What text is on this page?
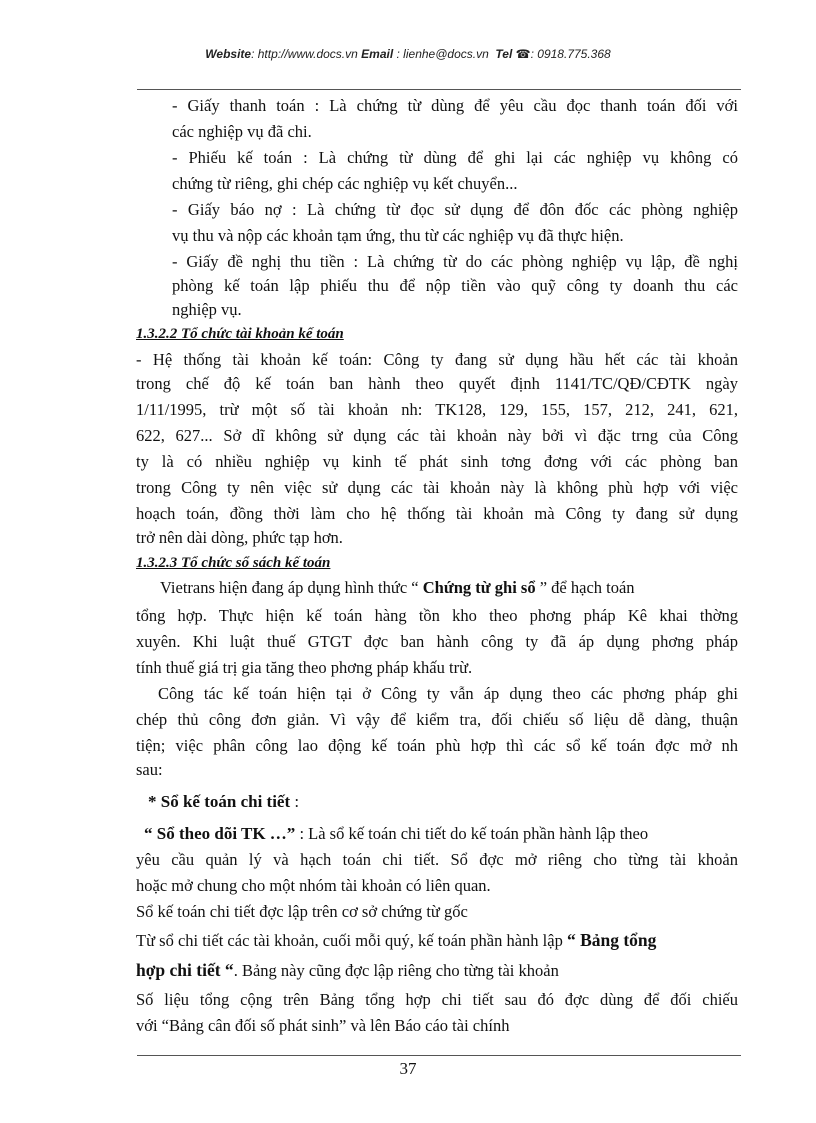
Website: http://www.docs.vn Email : lienhe@docs.vn Tel ☎: 0918.775.368
- Giấy thanh toán : Là chứng từ dùng để yêu cầu đọc thanh toán đối với
các nghiệp vụ đã chi.
- Phiếu kế toán : Là chứng từ dùng để ghi lại các nghiệp vụ không có
chứng từ riêng, ghi chép các nghiệp vụ kết chuyển...
- Giấy báo nợ : Là chứng từ đọc sử dụng để đôn đốc các phòng nghiệp
vụ thu và nộp các khoản tạm ứng, thu từ các nghiệp vụ đã thực hiện.
- Giấy đề nghị thu tiền : Là chứng từ do các phòng nghiệp vụ lập, đề nghị
phòng kế toán lập phiếu thu để nộp tiền vào quỹ công ty doanh thu các
nghiệp vụ.
1.3.2.2 Tổ chức tài khoản kế toán
- Hệ thống tài khoản kế toán: Công ty đang sử dụng hầu hết các tài khoản
trong chế độ kế toán ban hành theo quyết định 1141/TC/QĐ/CĐTK ngày
1/11/1995, trừ một số tài khoản nh: TK128, 129, 155, 157, 212, 241, 621,
622, 627... Sở dĩ không sử dụng các tài khoản này bởi vì đặc trng của Công
ty là có nhiều nghiệp vụ kinh tế phát sinh tơng đơng với các phòng ban
trong Công ty nên việc sử dụng các tài khoản này là không phù hợp với việc
hoạch toán, đồng thời làm cho hệ thống tài khoản mà Công ty đang sử dụng
trở nên dài dòng, phức tạp hơn.
1.3.2.3 Tổ chức sổ sách kế toán
Vietrans hiện đang áp dụng hình thức “ Chứng từ ghi sổ ” để hạch toán
tổng hợp. Thực hiện kế toán hàng tồn kho theo phơng pháp Kê khai thờng
xuyên. Khi luật thuế GTGT đợc ban hành công ty đã áp dụng phơng pháp
tính thuế giá trị gia tăng theo phơng pháp khấu trừ.
Công tác kế toán hiện tại ở Công ty vẫn áp dụng theo các phơng pháp ghi
chép thủ công đơn giản. Vì vậy để kiểm tra, đối chiếu số liệu dễ dàng, thuận
tiện; việc phân công lao động kế toán phù hợp thì các sổ kế toán đợc mở nh
sau:
* Sổ kế toán chi tiết :
“ Sổ theo dõi TK …” : Là sổ kế toán chi tiết do kế toán phần hành lập theo
yêu cầu quản lý và hạch toán chi tiết. Sổ đợc mở riêng cho từng tài khoản
hoặc mở chung cho một nhóm tài khoản có liên quan.
Sổ kế toán chi tiết đợc lập trên cơ sở chứng từ gốc
Từ sổ chi tiết các tài khoản, cuối mỗi quý, kế toán phần hành lập “ Bảng tổng
hợp chi tiết “. Bảng này cũng đợc lập riêng cho từng tài khoản
Số liệu tổng cộng trên Bảng tổng hợp chi tiết sau đó đợc dùng để đối chiếu
với “Bảng cân đối số phát sinh” và lên Báo cáo tài chính
37
